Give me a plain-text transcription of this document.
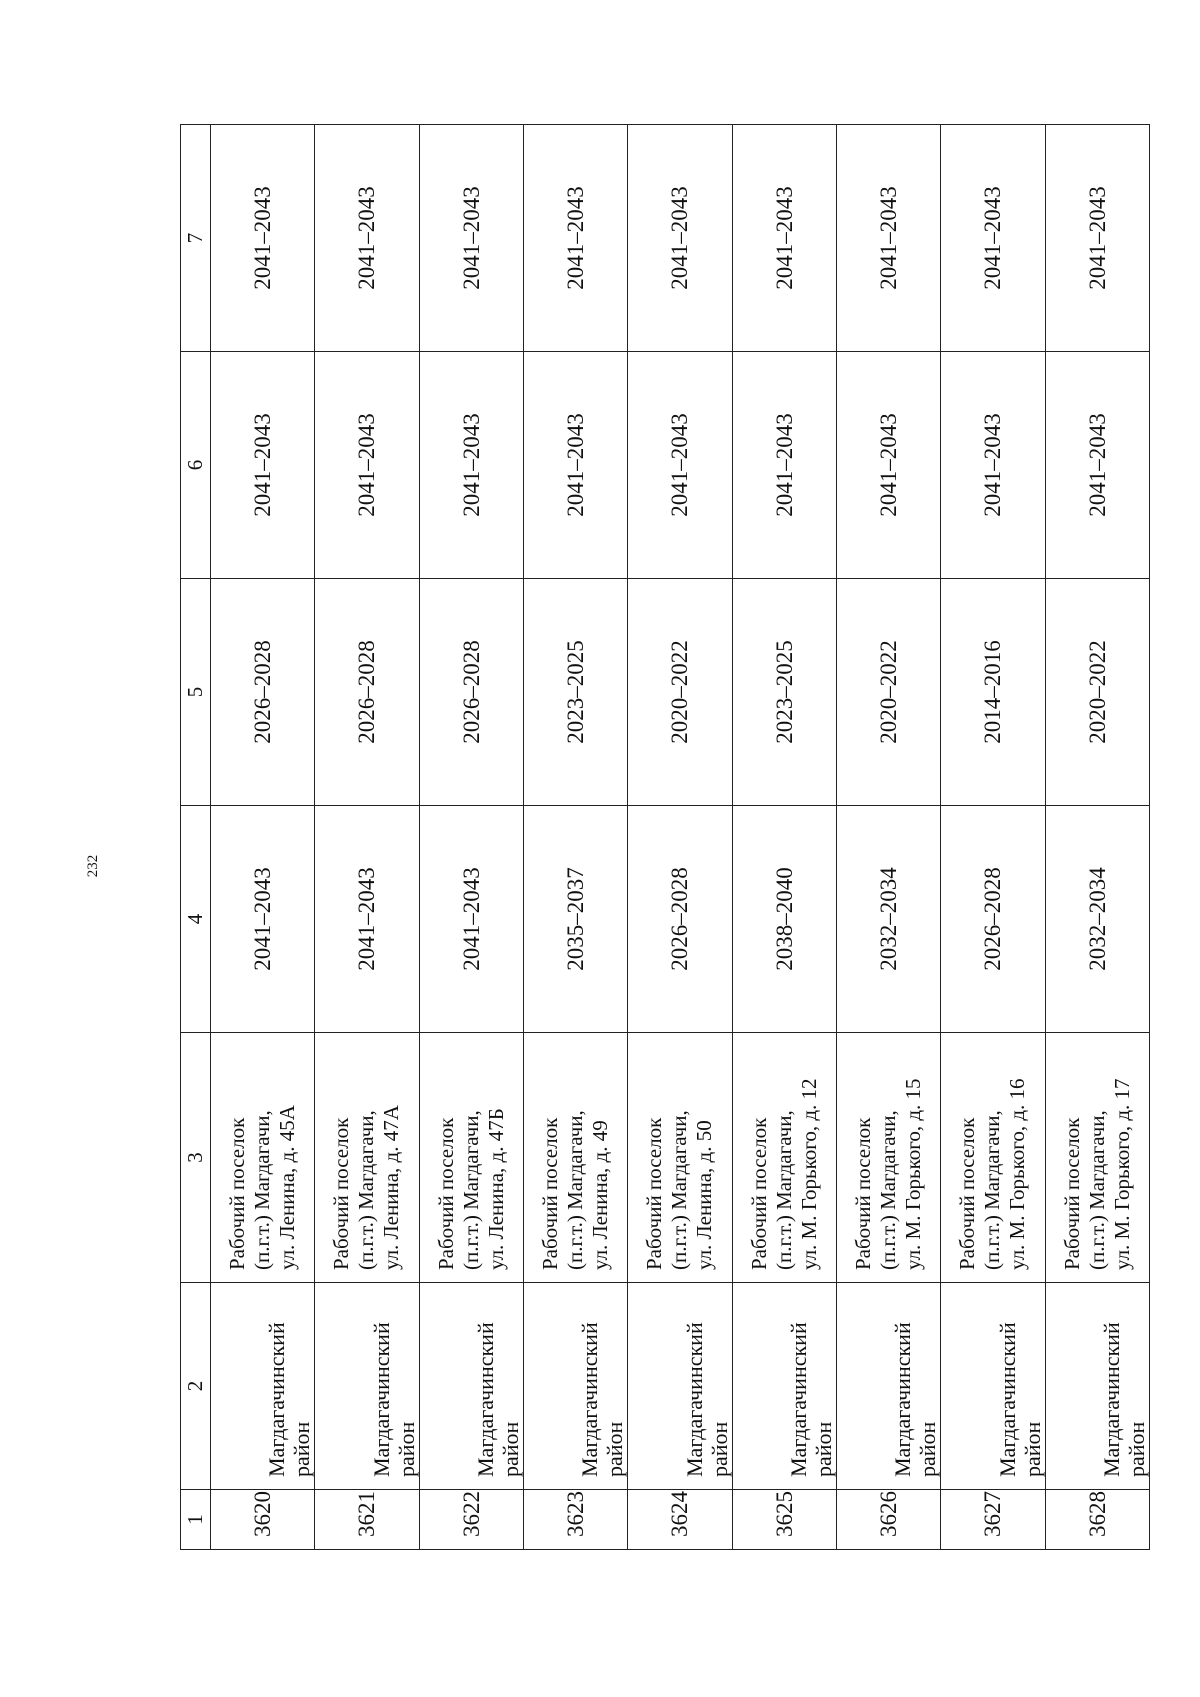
232
1	2	3	4	5	6	7
3620	Магдагачинский район	Рабочий поселок (п.г.т.) Магдагачи, ул. Ленина, д. 45А	2041–2043	2026–2028	2041–2043	2041–2043
3621	Магдагачинский район	Рабочий поселок (п.г.т.) Магдагачи, ул. Ленина, д. 47А	2041–2043	2026–2028	2041–2043	2041–2043
3622	Магдагачинский район	Рабочий поселок (п.г.т.) Магдагачи, ул. Ленина, д. 47Б	2041–2043	2026–2028	2041–2043	2041–2043
3623	Магдагачинский район	Рабочий поселок (п.г.т.) Магдагачи, ул. Ленина, д. 49	2035–2037	2023–2025	2041–2043	2041–2043
3624	Магдагачинский район	Рабочий поселок (п.г.т.) Магдагачи, ул. Ленина, д. 50	2026–2028	2020–2022	2041–2043	2041–2043
3625	Магдагачинский район	Рабочий поселок (п.г.т.) Магдагачи, ул. М. Горького, д. 12	2038–2040	2023–2025	2041–2043	2041–2043
3626	Магдагачинский район	Рабочий поселок (п.г.т.) Магдагачи, ул. М. Горького, д. 15	2032–2034	2020–2022	2041–2043	2041–2043
3627	Магдагачинский район	Рабочий поселок (п.г.т.) Магдагачи, ул. М. Горького, д. 16	2026–2028	2014–2016	2041–2043	2041–2043
3628	Магдагачинский район	Рабочий поселок (п.г.т.) Магдагачи, ул. М. Горького, д. 17	2032–2034	2020–2022	2041–2043	2041–2043
